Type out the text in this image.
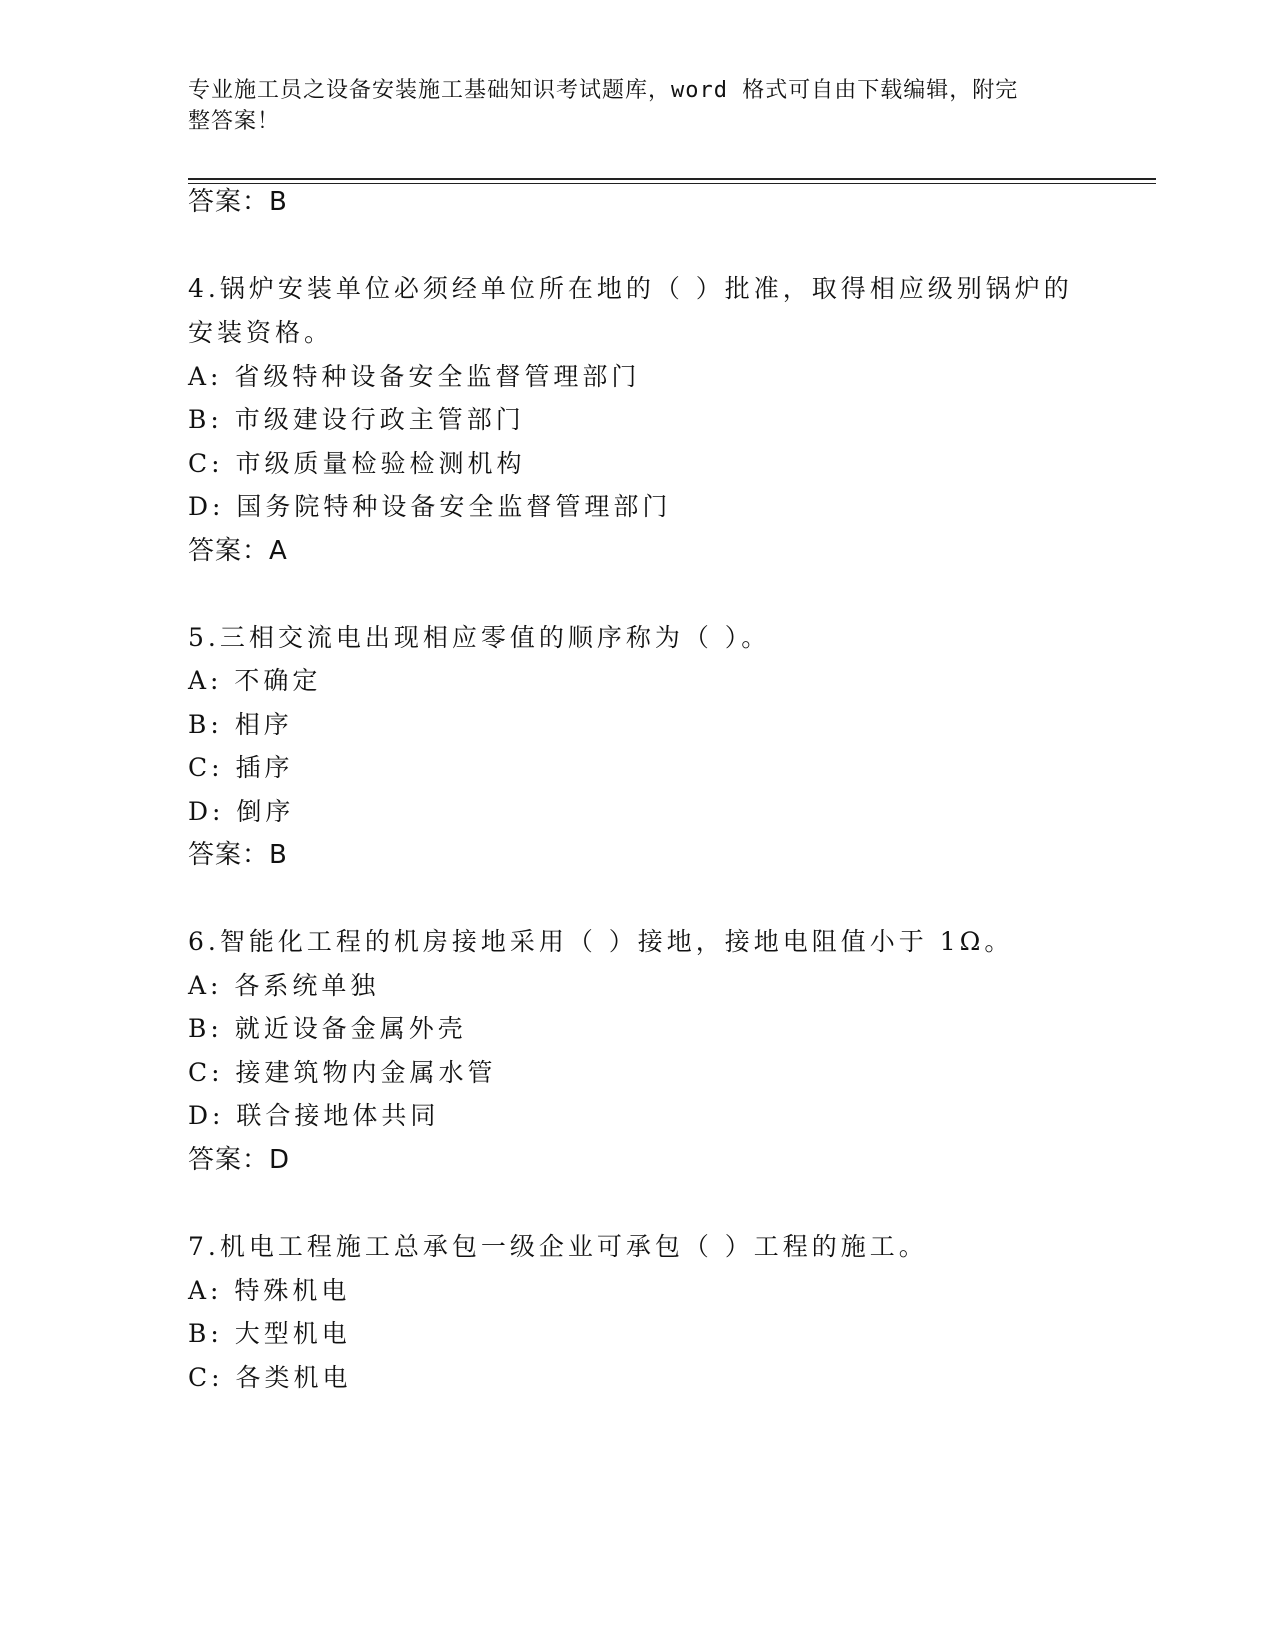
专业施工员之设备安装施工基础知识考试题库，word 格式可自由下载编辑，附完
整答案！
答案：B
4.锅炉安装单位必须经单位所在地的（ ）批准，取得相应级别锅炉的
安装资格。
A: 省级特种设备安全监督管理部门
B: 市级建设行政主管部门
C: 市级质量检验检测机构
D: 国务院特种设备安全监督管理部门
答案：A
5.三相交流电出现相应零值的顺序称为（ ）。
A: 不确定
B: 相序
C: 插序
D: 倒序
答案：B
6.智能化工程的机房接地采用（ ）接地，接地电阻值小于 1Ω。
A: 各系统单独
B: 就近设备金属外壳
C: 接建筑物内金属水管
D: 联合接地体共同
答案：D
7.机电工程施工总承包一级企业可承包（ ）工程的施工。
A: 特殊机电
B: 大型机电
C: 各类机电
